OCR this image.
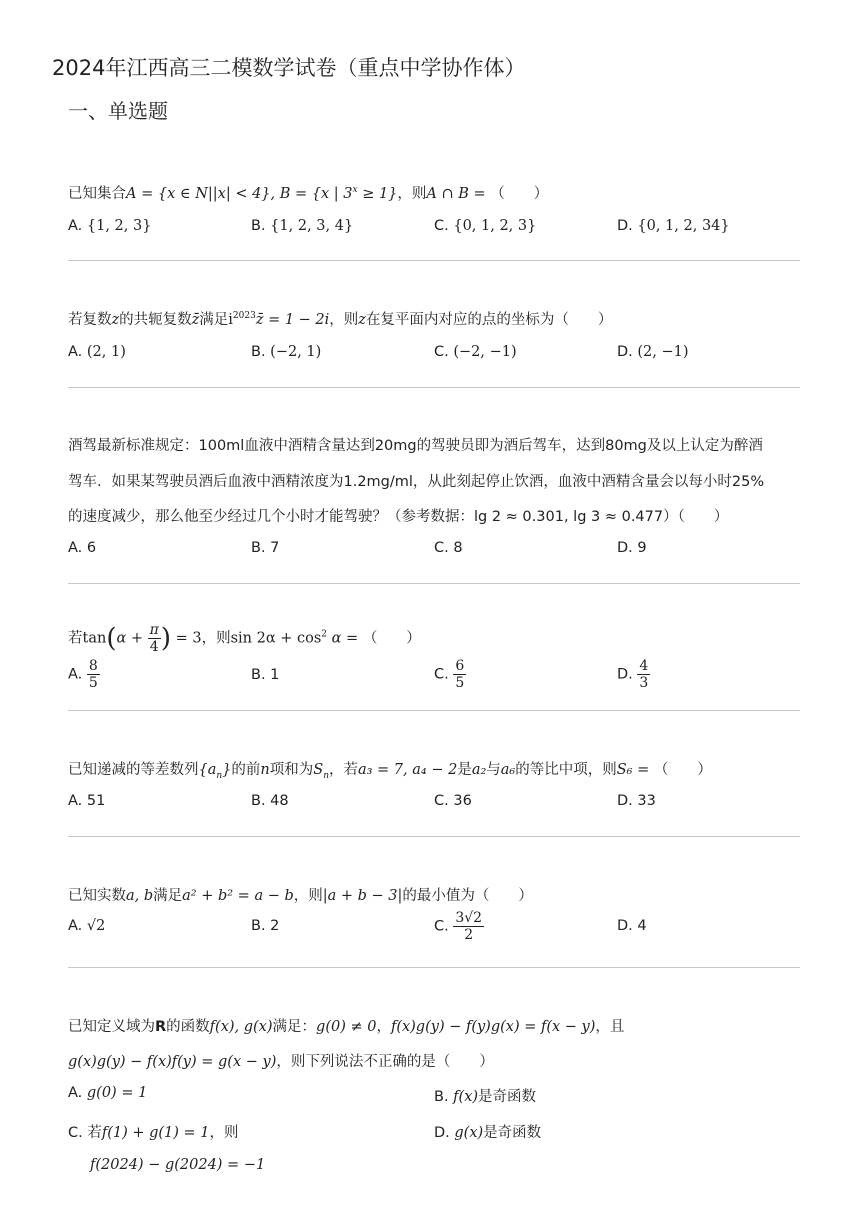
2024年江西高三二模数学试卷（重点中学协作体）
一、单选题
已知集合A = {x ∈ N||x| < 4}, B = {x | $3^x \ge 1$}，则A ∩ B = （　　）
A. {1, 2, 3}	B. {1, 2, 3, 4}	C. {0, 1, 2, 3}	D. {0, 1, 2, 34}
若复数z的共轭复数z̄满足$i^{2023}z̄ = 1 - 2i$，则z在复平面内对应的点的坐标为（　　）
A. (2, 1)	B. (−2, 1)	C. (−2, −1)	D. (2, −1)
酒驾最新标准规定：100ml血液中酒精含量达到20mg的驾驶员即为酒后驾车，达到80mg及以上认定为醉酒
驾车．如果某驾驶员酒后血液中酒精浓度为1.2mg/ml，从此刻起停止饮酒，血液中酒精含量会以每小时25%
的速度减少，那么他至少经过几个小时才能驾驶？（参考数据：lg 2 ≈ 0.301, lg 3 ≈ 0.477）（　　）
A. 6	B. 7	C. 8	D. 9
若$\tan(\alpha + \frac{\pi}{4}$ ) = 3，则$\sin 2\alpha + \cos^2 \alpha$ = （　　）
A. $\frac{8}{5}$	B. 1	C. $\frac{6}{5}$	D. $\frac{4}{3}$
已知递减的等差数列$\{a_n\}$的前n项和为$S_n$，若a₃ = 7, a₄ − 2是a₂与a₆的等比中项，则S₆ = （　　）
A. 51	B. 48	C. 36	D. 33
已知实数a, b满足a² + b² = a − b，则|a + b − 3|的最小值为（　　）
A. √2	B. 2	C. $\frac{3√2}{2}$	D. 4
已知定义域为R的函数f(x), g(x)满足：g(0) ≠ 0，f(x)g(y) − f(y)g(x) = f(x − y)，且
g(x)g(y) − f(x)f(y) = g(x − y)，则下列说法不正确的是（　　）
A. g(0) = 1	B. f(x)是奇函数
C. 若f(1) + g(1) = 1，则
f(2024) − g(2024) = −1
D. g(x)是奇函数
